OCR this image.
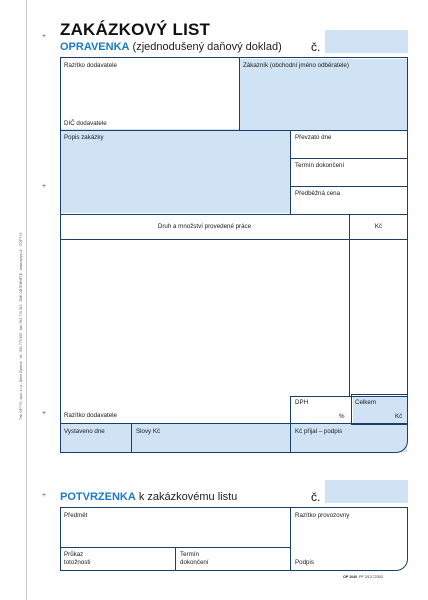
+
+
+
+
Tisk OPTYS, spol. s r.o., Dolní Životicetel.: 553 775 005fax: 553 775 010ZDE ODTRHNĚTEwww.optys.cz©OPTYS
ZAKÁZKOVÝ LIST
OPRAVENKA (zjednodušený daňový doklad) č.
Razítko dodavatele
DIČ dodavatele
Zákazník (obchodní jméno odběratele)
Popis zakázky	Převzato dne
Termín dokončení
Předběžná cena
Druh a množství provedené práce	Kč
Razítko dodavatele
DPH
%
Celkem
Kč
Vystaveno dne	Slovy Kč	Kč přijal – podpis
POTVRZENKA k zakázkovému listu	č.
Předmět	Razítko provozovny
Průkaz
totožnosti
Termín
dokončení	Podpis
OP 1040 PF 2/13 72303
